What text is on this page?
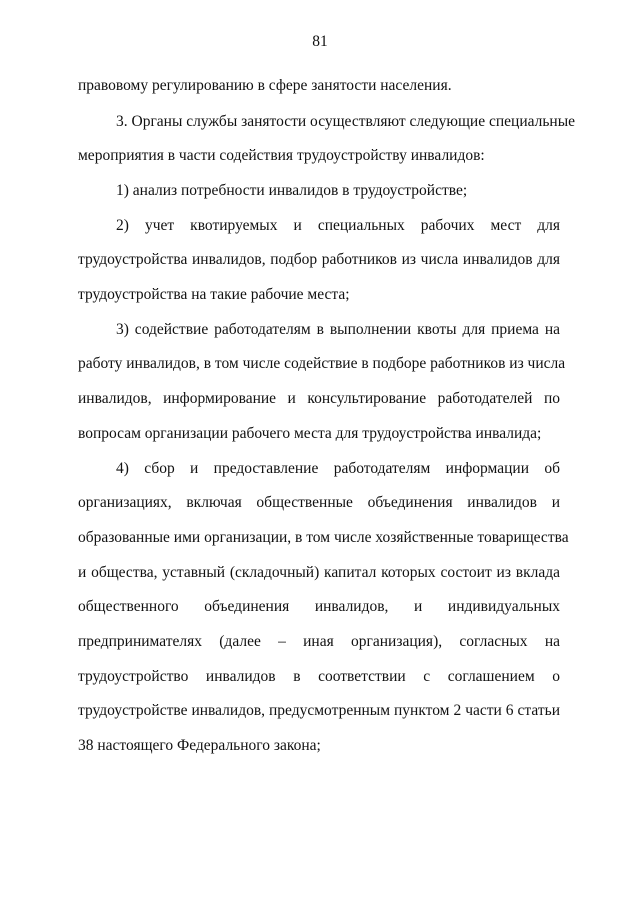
81
правовому регулированию в сфере занятости населения.
3. Органы службы занятости осуществляют следующие специальные
мероприятия в части содействия трудоустройству инвалидов:
1) анализ потребности инвалидов в трудоустройстве;
2) учет квотируемых и специальных рабочих мест для
трудоустройства инвалидов, подбор работников из числа инвалидов для
трудоустройства на такие рабочие места;
3) содействие работодателям в выполнении квоты для приема на
работу инвалидов, в том числе содействие в подборе работников из числа
инвалидов, информирование и консультирование работодателей по
вопросам организации рабочего места для трудоустройства инвалида;
4) сбор и предоставление работодателям информации об
организациях, включая общественные объединения инвалидов и
образованные ими организации, в том числе хозяйственные товарищества
и общества, уставный (складочный) капитал которых состоит из вклада
общественного объединения инвалидов, и индивидуальных
предпринимателях (далее – иная организация), согласных на
трудоустройство инвалидов в соответствии с соглашением о
трудоустройстве инвалидов, предусмотренным пунктом 2 части 6 статьи
38 настоящего Федерального закона;
